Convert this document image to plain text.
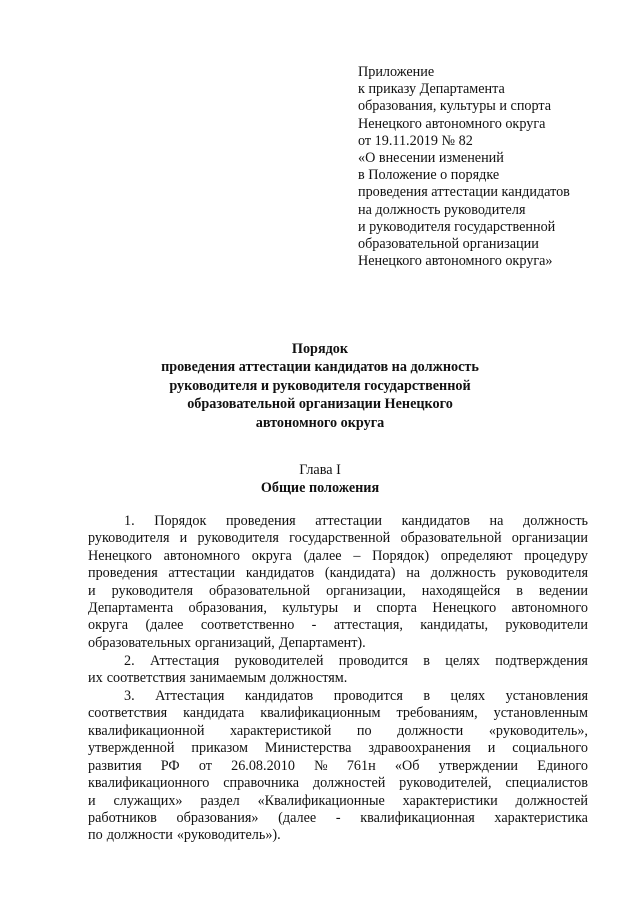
Приложение
к приказу Департамента
образования, культуры и спорта
Ненецкого автономного округа
от 19.11.2019 № 82
«О внесении изменений
в Положение о порядке
проведения аттестации кандидатов
на должность руководителя
и руководителя государственной
образовательной организации
Ненецкого автономного округа»
Порядок
проведения аттестации кандидатов на должность
руководителя и руководителя государственной
образовательной организации Ненецкого
автономного округа
Глава I
Общие положения
1. Порядок проведения аттестации кандидатов на должность
руководителя и руководителя государственной образовательной организации
Ненецкого автономного округа (далее – Порядок) определяют процедуру
проведения аттестации кандидатов (кандидата) на должность руководителя
и руководителя образовательной организации, находящейся в ведении
Департамента образования, культуры и спорта Ненецкого автономного
округа (далее соответственно - аттестация, кандидаты, руководители
образовательных организаций, Департамент).
2. Аттестация руководителей проводится в целях подтверждения
их соответствия занимаемым должностям.
3. Аттестация кандидатов проводится в целях установления
соответствия кандидата квалификационным требованиям, установленным
квалификационной характеристикой по должности «руководитель»,
утвержденной приказом Министерства здравоохранения и социального
развития РФ от 26.08.2010 № 761н «Об утверждении Единого
квалификационного справочника должностей руководителей, специалистов
и служащих» раздел «Квалификационные характеристики должностей
работников образования» (далее - квалификационная характеристика
по должности «руководитель»).
